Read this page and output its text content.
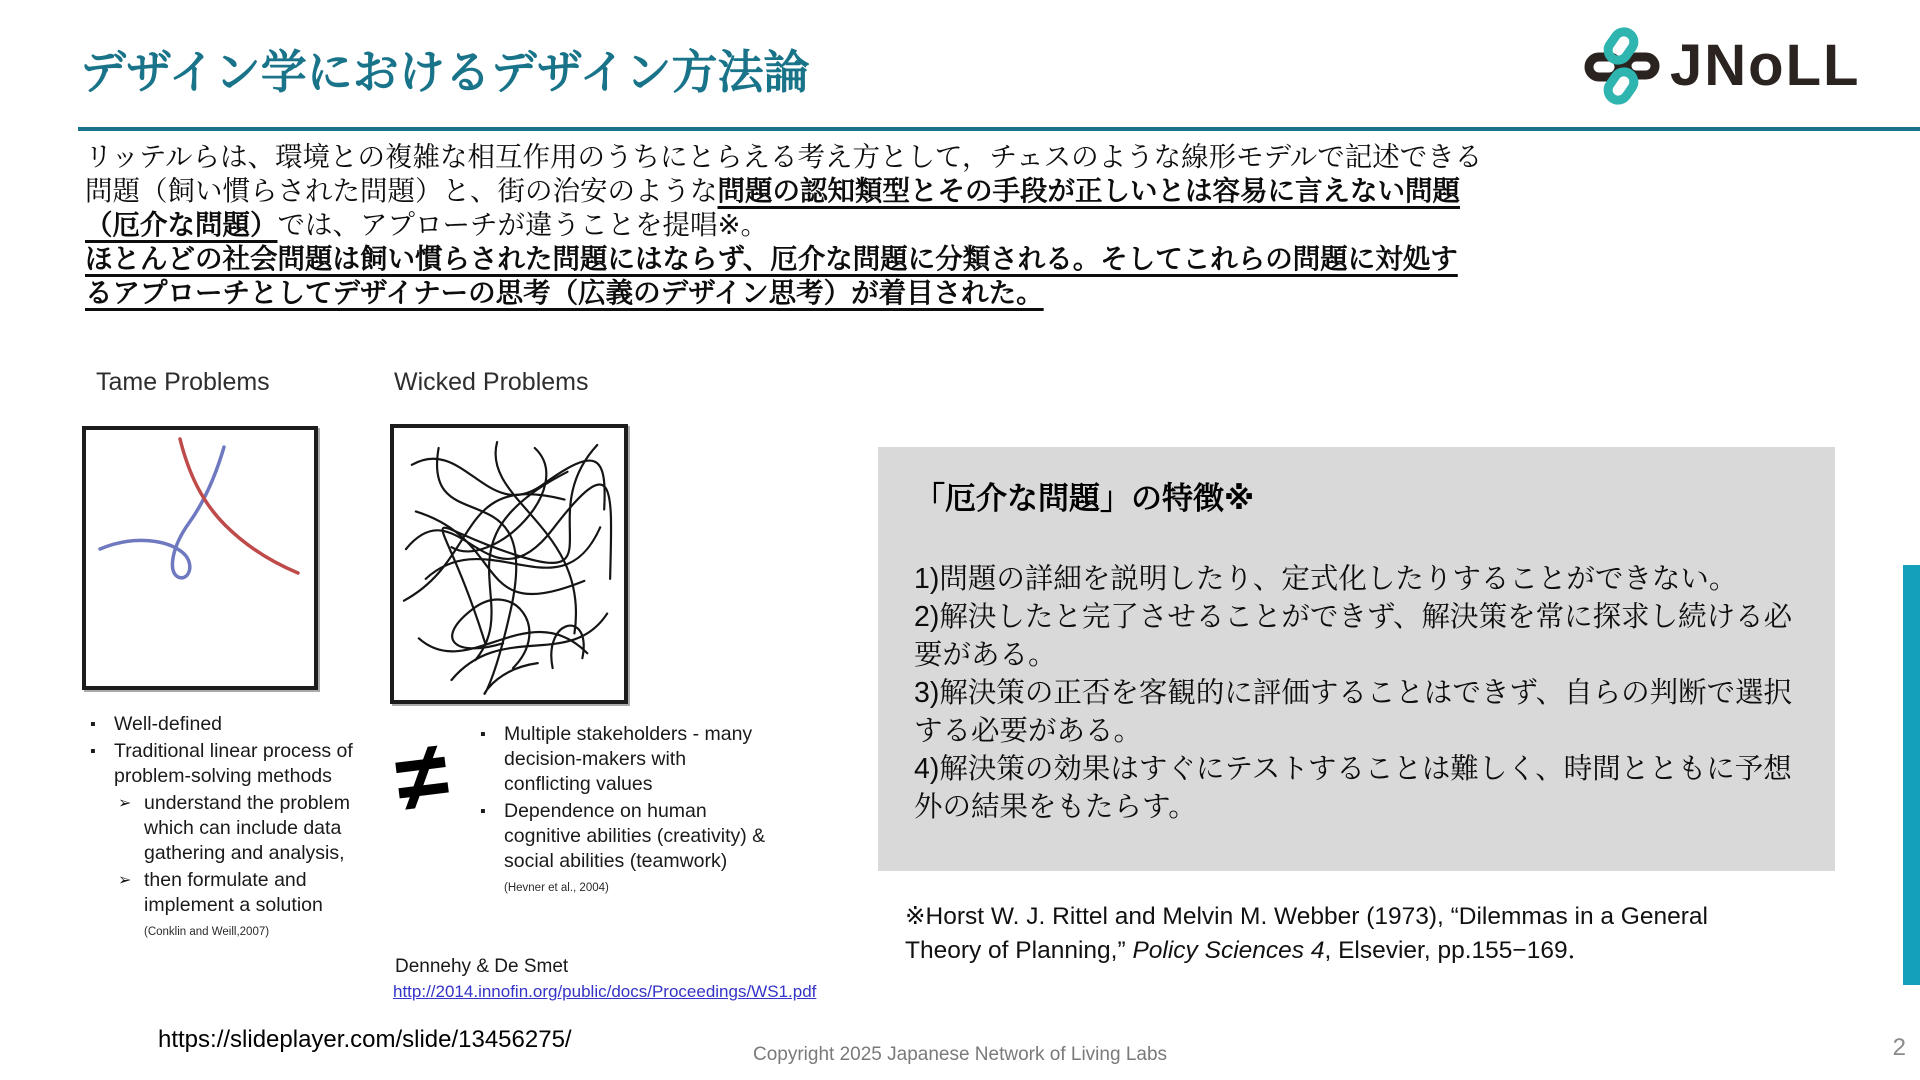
デザイン学におけるデザイン方法論	JNoLL

リッテルらは、環境との複雑な相互作用のうちにとらえる考え方として，チェスのような線形モデルで記述できる問題（飼い慣らされた問題）と、街の治安のような問題の認知類型とその手段が正しいとは容易に言えない問題（厄介な問題）では、アプローチが違うことを提唱※。
ほとんどの社会問題は飼い慣らされた問題にはならず、厄介な問題に分類される。そしてこれらの問題に対処するアプローチとしてデザイナーの思考（広義のデザイン思考）が着目された。

Tame Problems	Wicked Problems
≠
▪ Well-defined
▪ Traditional linear process of problem-solving methods
➢ understand the problem which can include data gathering and analysis,
➢ then formulate and implement a solution
(Conklin and Weill,2007)
▪ Multiple stakeholders - many decision-makers with conflicting values
▪ Dependence on human cognitive abilities (creativity) & social abilities (teamwork)
(Hevner et al., 2004)
Dennehy & De Smet
http://2014.innofin.org/public/docs/Proceedings/WS1.pdf

「厄介な問題」の特徴※

1)問題の詳細を説明したり、定式化したりすることができない。
2)解決したと完了させることができず、解決策を常に探求し続ける必要がある。
3)解決策の正否を客観的に評価することはできず、自らの判断で選択する必要がある。
4)解決策の効果はすぐにテストすることは難しく、時間とともに予想外の結果をもたらす。

※Horst W. J. Rittel and Melvin M. Webber (1973), “Dilemmas in a General Theory of Planning,” Policy Sciences 4, Elsevier, pp.155−169．

https://slideplayer.com/slide/13456275/
Copyright 2025 Japanese Network of Living Labs	2
